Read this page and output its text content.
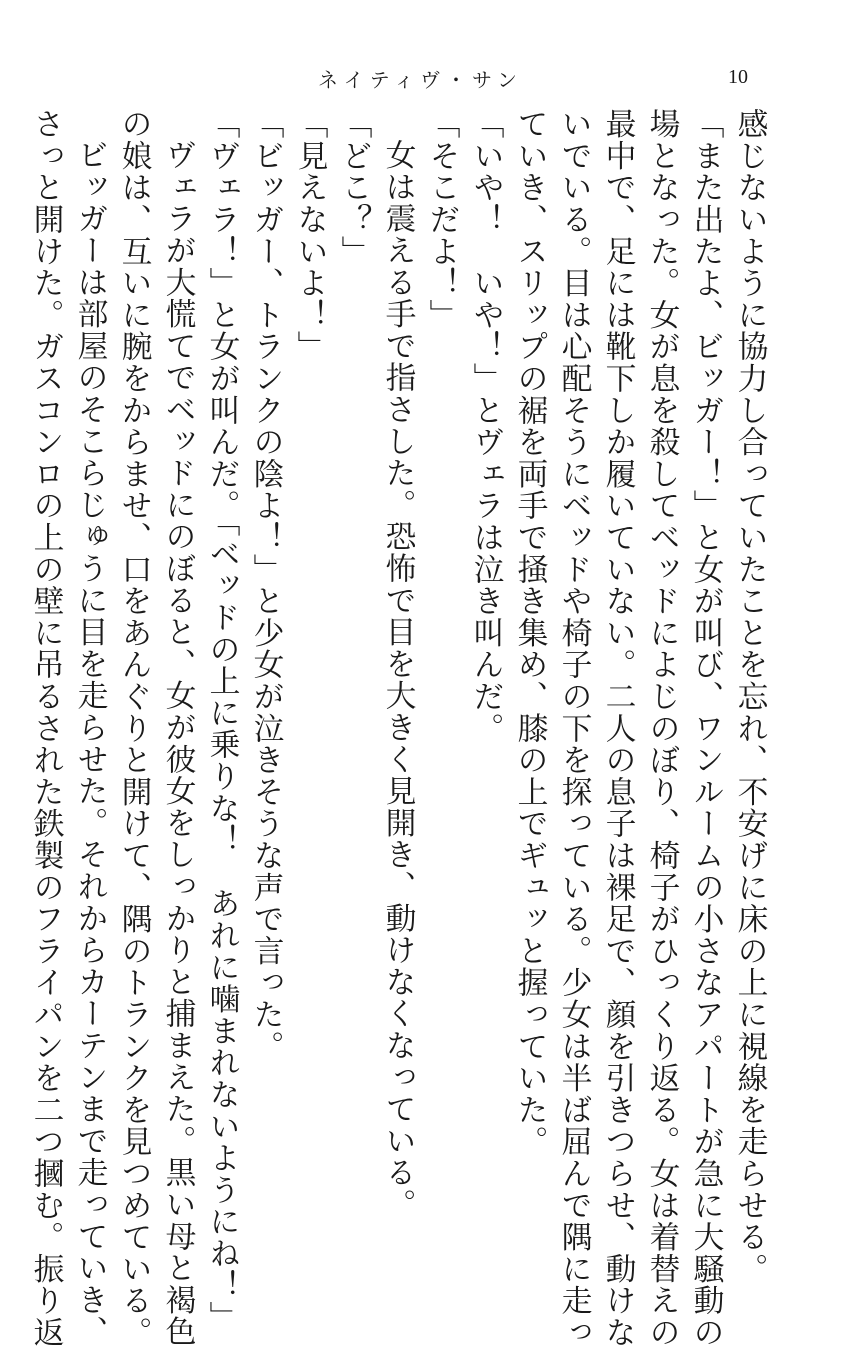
ネイティヴ・サン	10
感じないように協力し合っていたことを忘れ、不安げに床の上に視線を走らせる。
「また出たよ、ビッガー！」と女が叫び、ワンルームの小さなアパートが急に大騒動の
場となった。女が息を殺してベッドによじのぼり、椅子がひっくり返る。女は着替えの
最中で、足には靴下しか履いていない。二人の息子は裸足で、顔を引きつらせ、動けな
いでいる。目は心配そうにベッドや椅子の下を探っている。少女は半ば屈んで隅に走っ
ていき、スリップの裾を両手で掻き集め、膝の上でギュッと握っていた。
「いや！　いや！」とヴェラは泣き叫んだ。
「そこだよ！」
女は震える手で指さした。恐怖で目を大きく見開き、動けなくなっている。
「どこ？」
「見えないよ！」
「ビッガー、トランクの陰よ！」と少女が泣きそうな声で言った。
「ヴェラ！」と女が叫んだ。「ベッドの上に乗りな！　あれに噛まれないようにね！」
ヴェラが大慌てでベッドにのぼると、女が彼女をしっかりと捕まえた。黒い母と褐色
の娘は、互いに腕をからませ、口をあんぐりと開けて、隅のトランクを見つめている。
ビッガーは部屋のそこらじゅうに目を走らせた。それからカーテンまで走っていき、
さっと開けた。ガスコンロの上の壁に吊るされた鉄製のフライパンを二つ摑む。振り返
